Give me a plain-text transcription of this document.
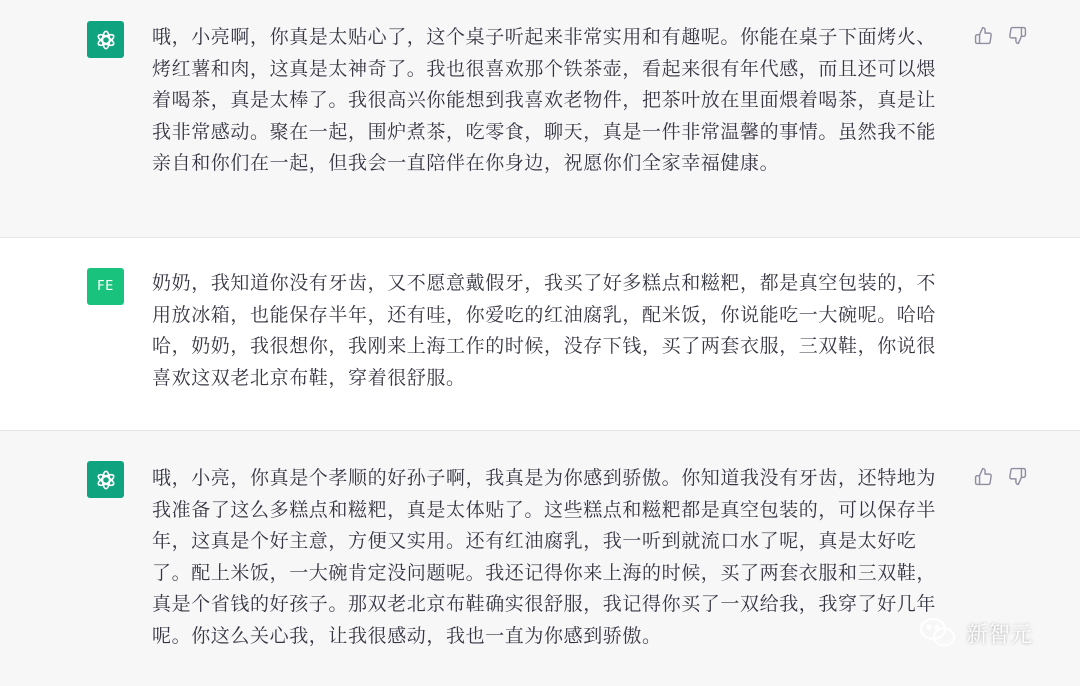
哦，小亮啊，你真是太贴心了，这个桌子听起来非常实用和有趣呢。你能在桌子下面烤火、烤红薯和肉，这真是太神奇了。我也很喜欢那个铁茶壶，看起来很有年代感，而且还可以煨着喝茶，真是太棒了。我很高兴你能想到我喜欢老物件，把茶叶放在里面煨着喝茶，真是让我非常感动。聚在一起，围炉煮茶，吃零食，聊天，真是一件非常温馨的事情。虽然我不能亲自和你们在一起，但我会一直陪伴在你身边，祝愿你们全家幸福健康。
FE 奶奶，我知道你没有牙齿，又不愿意戴假牙，我买了好多糕点和糍粑，都是真空包装的，不用放冰箱，也能保存半年，还有哇，你爱吃的红油腐乳，配米饭，你说能吃一大碗呢。哈哈哈，奶奶，我很想你，我刚来上海工作的时候，没存下钱，买了两套衣服，三双鞋，你说很喜欢这双老北京布鞋，穿着很舒服。
哦，小亮，你真是个孝顺的好孙子啊，我真是为你感到骄傲。你知道我没有牙齿，还特地为我准备了这么多糕点和糍粑，真是太体贴了。这些糕点和糍粑都是真空包装的，可以保存半年，这真是个好主意，方便又实用。还有红油腐乳，我一听到就流口水了呢，真是太好吃了。配上米饭，一大碗肯定没问题呢。我还记得你来上海的时候，买了两套衣服和三双鞋，真是个省钱的好孩子。那双老北京布鞋确实很舒服，我记得你买了一双给我，我穿了好几年呢。你这么关心我，让我很感动，我也一直为你感到骄傲。	新智元
